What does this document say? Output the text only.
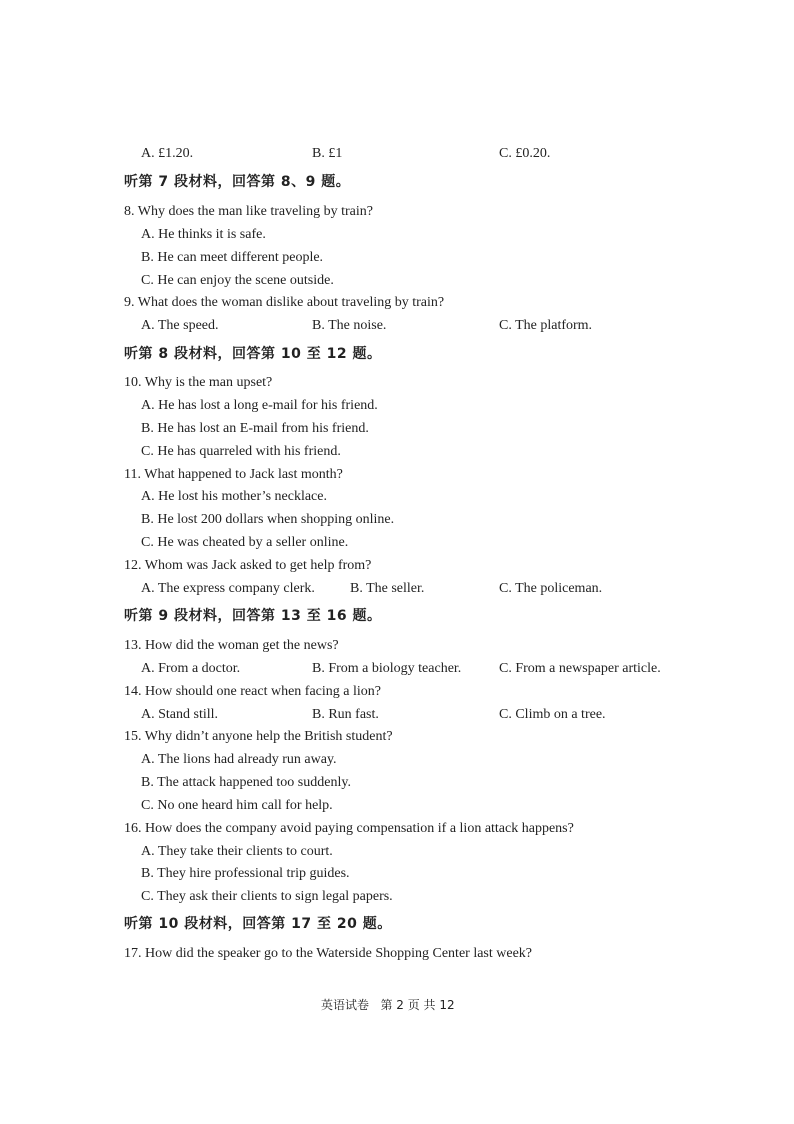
A. £1.20.	B. £1	C. £0.20.
听第 7 段材料，回答第 8、9 题。
8. Why does the man like traveling by train?
A. He thinks it is safe.
B. He can meet different people.
C. He can enjoy the scene outside.
9. What does the woman dislike about traveling by train?
A. The speed.	B. The noise.	C. The platform.
听第 8 段材料，回答第 10 至 12 题。
10. Why is the man upset?
A. He has lost a long e-mail for his friend.
B. He has lost an E-mail from his friend.
C. He has quarreled with his friend.
11. What happened to Jack last month?
A. He lost his mother’s necklace.
B. He lost 200 dollars when shopping online.
C. He was cheated by a seller online.
12. Whom was Jack asked to get help from?
A. The express company clerk.	B. The seller.	C. The policeman.
听第 9 段材料，回答第 13 至 16 题。
13. How did the woman get the news?
A. From a doctor.	B. From a biology teacher.	C. From a newspaper article.
14. How should one react when facing a lion?
A. Stand still.	B. Run fast.	C. Climb on a tree.
15. Why didn’t anyone help the British student?
A. The lions had already run away.
B. The attack happened too suddenly.
C. No one heard him call for help.
16. How does the company avoid paying compensation if a lion attack happens?
A. They take their clients to court.
B. They hire professional trip guides.
C. They ask their clients to sign legal papers.
听第 10 段材料，回答第 17 至 20 题。
17. How did the speaker go to the Waterside Shopping Center last week?
英语试卷   第 2 页 共 12
